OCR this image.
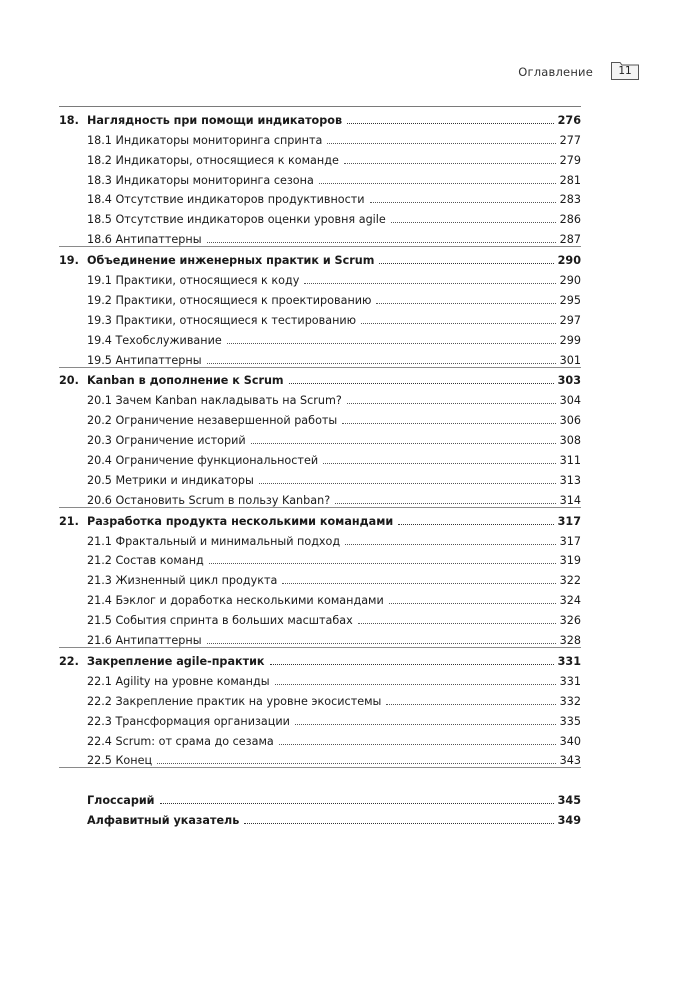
Оглавление	11
18. Наглядность при помощи индикаторов	276
18.1 Индикаторы мониторинга спринта	277
18.2 Индикаторы, относящиеся к команде	279
18.3 Индикаторы мониторинга сезона	281
18.4 Отсутствие индикаторов продуктивности	283
18.5 Отсутствие индикаторов оценки уровня agile	286
18.6 Антипаттерны	287
19. Объединение инженерных практик и Scrum	290
19.1 Практики, относящиеся к коду	290
19.2 Практики, относящиеся к проектированию	295
19.3 Практики, относящиеся к тестированию	297
19.4 Техобслуживание	299
19.5 Антипаттерны	301
20. Kanban в дополнение к Scrum	303
20.1 Зачем Kanban накладывать на Scrum?	304
20.2 Ограничение незавершенной работы	306
20.3 Ограничение историй	308
20.4 Ограничение функциональностей	311
20.5 Метрики и индикаторы	313
20.6 Остановить Scrum в пользу Kanban?	314
21. Разработка продукта несколькими командами	317
21.1 Фрактальный и минимальный подход	317
21.2 Состав команд	319
21.3 Жизненный цикл продукта	322
21.4 Бэклог и доработка несколькими командами	324
21.5 События спринта в больших масштабах	326
21.6 Антипаттерны	328
22. Закрепление agile-практик	331
22.1 Agility на уровне команды	331
22.2 Закрепление практик на уровне экосистемы	332
22.3 Трансформация организации	335
22.4 Scrum: от срама до сезама	340
22.5 Конец	343
Глоссарий	345
Алфавитный указатель	349
